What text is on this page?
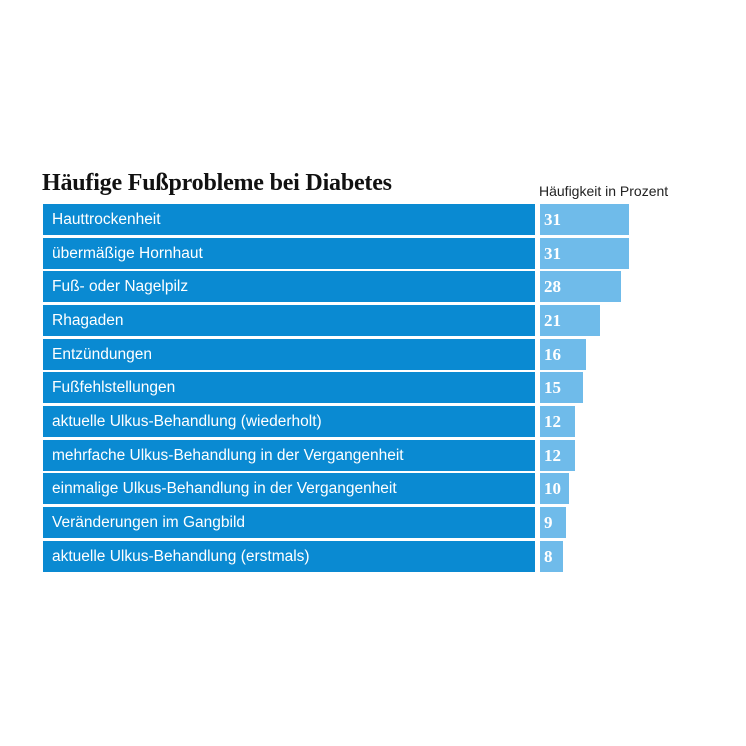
Häufige Fußprobleme bei Diabetes	Häufigkeit in Prozent
Hauttrockenheit	31
übermäßige Hornhaut	31
Fuß- oder Nagelpilz	28
Rhagaden	21
Entzündungen	16
Fußfehlstellungen	15
aktuelle Ulkus-Behandlung (wiederholt)	12
mehrfache Ulkus-Behandlung in der Vergangenheit	12
einmalige Ulkus-Behandlung in der Vergangenheit	10
Veränderungen im Gangbild	9
aktuelle Ulkus-Behandlung (erstmals)	8
